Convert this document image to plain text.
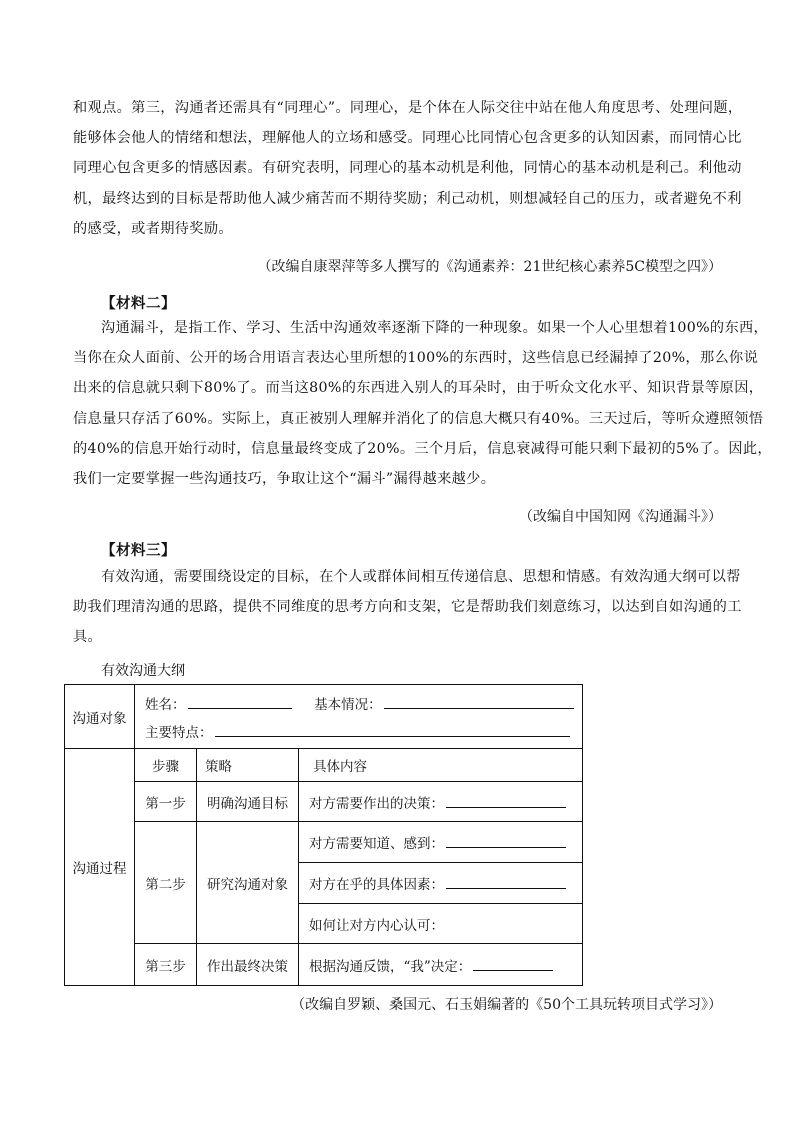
和观点。第三，沟通者还需具有“同理心”。同理心，是个体在人际交往中站在他人角度思考、处理问题，
能够体会他人的情绪和想法，理解他人的立场和感受。同理心比同情心包含更多的认知因素，而同情心比
同理心包含更多的情感因素。有研究表明，同理心的基本动机是利他，同情心的基本动机是利己。利他动
机，最终达到的目标是帮助他人减少痛苦而不期待奖励；利己动机，则想减轻自己的压力，或者避免不利
的感受，或者期待奖励。

（改编自康翠萍等多人撰写的《沟通素养：21世纪核心素养5C模型之四》）

【材料二】

沟通漏斗，是指工作、学习、生活中沟通效率逐渐下降的一种现象。如果一个人心里想着100%的东西，
当你在众人面前、公开的场合用语言表达心里所想的100%的东西时，这些信息已经漏掉了20%，那么你说
出来的信息就只剩下80%了。而当这80%的东西进入别人的耳朵时，由于听众文化水平、知识背景等原因，
信息量只存活了60%。实际上，真正被别人理解并消化了的信息大概只有40%。三天过后，等听众遵照领悟
的40%的信息开始行动时，信息量最终变成了20%。三个月后，信息衰减得可能只剩下最初的5%了。因此，
我们一定要掌握一些沟通技巧，争取让这个“漏斗”漏得越来越少。

（改编自中国知网《沟通漏斗》）

【材料三】

有效沟通，需要围绕设定的目标，在个人或群体间相互传递信息、思想和情感。有效沟通大纲可以帮
助我们理清沟通的思路，提供不同维度的思考方向和支架，它是帮助我们刻意练习，以达到自如沟通的工
具。

有效沟通大纲

沟通对象	姓名： 基本情况：
主要特点：		

沟通过程	步骤	策略	具体内容
	第一步	明确沟通目标	对方需要作出的决策：

	第二步	研究沟通对象	对方需要知道、感到：

			对方在乎的具体因素：

			如何让对方内心认可：

	第三步	作出最终决策	根据沟通反馈，“我”决定：

（改编自罗颖、桑国元、石玉娟编著的《50个工具玩转项目式学习》）
